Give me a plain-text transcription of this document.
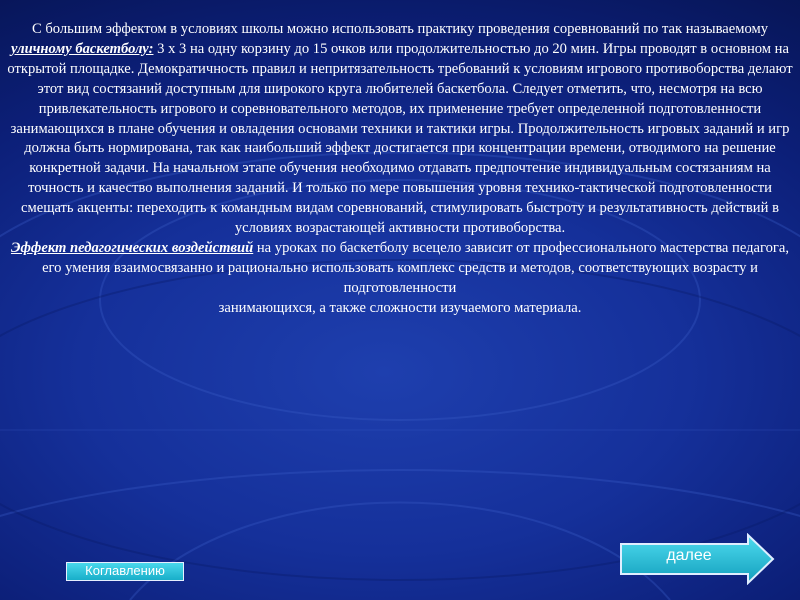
С большим эффектом в условиях школы можно использовать практику проведения соревнований по так называемому уличному баскетболу: 3 х 3 на одну корзину до 15 очков или продолжительностью до 20 мин. Игры проводят в основном на открытой площадке. Демократичность правил и непритязательность требований к условиям игрового противоборства делают этот вид состязаний доступным для широкого круга любителей баскетбола. Следует отметить, что, несмотря на всю привлекательность игрового и соревновательного методов, их применение требует определенной подготовленности занимающихся в плане обучения и овладения основами техники и тактики игры. Продолжительность игровых заданий и игр должна быть нормирована, так как наибольший эффект достигается при концентрации времени, отводимого на решение конкретной задачи. На начальном этапе обучения необходимо отдавать предпочтение индивидуальным состязаниям на точность и качество выполнения заданий. И только по мере повышения уровня технико-тактической подготовленности смещать акценты: переходить к командным видам соревнований, стимулировать быстроту и результативность действий в условиях возрастающей активности противоборства.
Эффект педагогических воздействий на уроках по баскетболу всецело зависит от профессионального мастерства педагога, его умения взаимосвязанно и рационально использовать комплекс средств и методов, соответствующих возрасту и подготовленности
занимающихся, а также сложности изучаемого материала.

Коглавлению
далее
